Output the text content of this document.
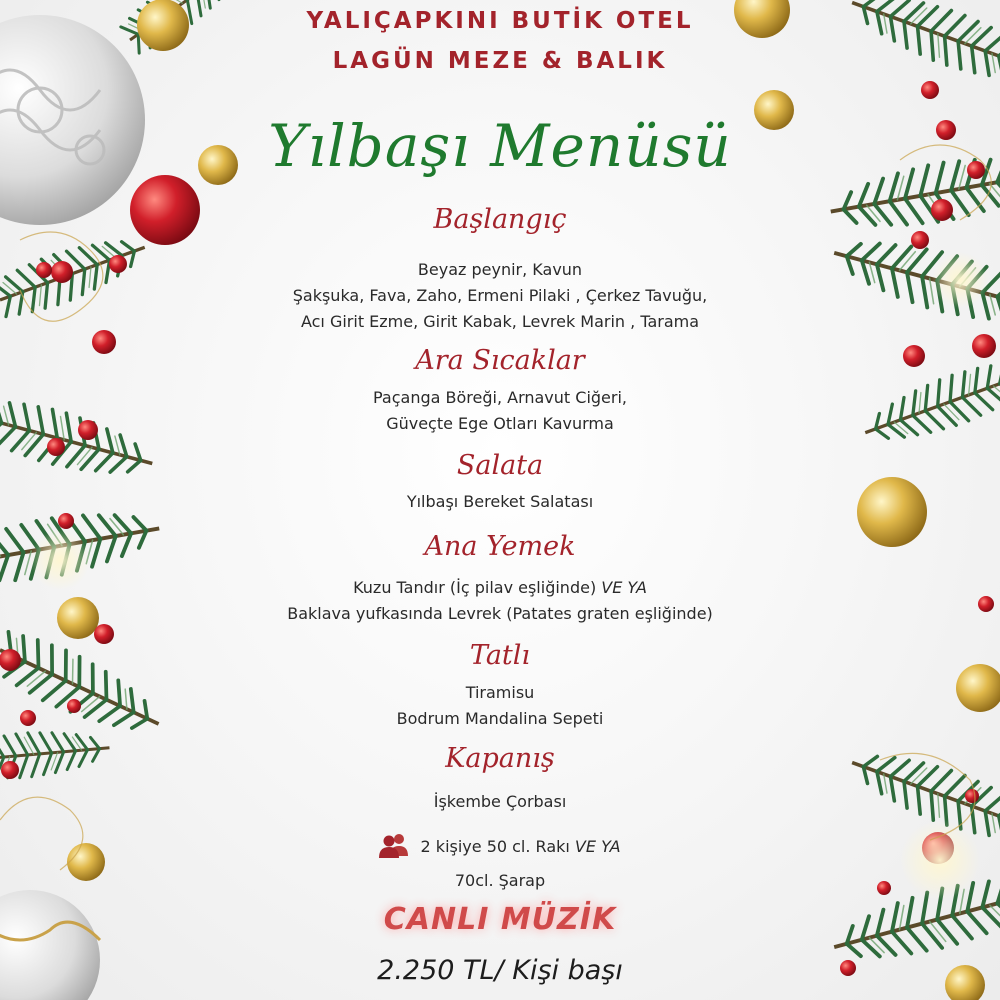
YALIÇAPKINI BUTİK OTEL
LAGÜN MEZE & BALIK
Yılbaşı Menüsü
Başlangıç
Beyaz peynir, Kavun
Şakşuka, Fava, Zaho, Ermeni Pilaki , Çerkez Tavuğu,
Acı Girit Ezme, Girit Kabak, Levrek Marin , Tarama
Ara Sıcaklar
Paçanga Böreği, Arnavut Ciğeri,
Güveçte Ege Otları Kavurma
Salata
Yılbaşı Bereket Salatası
Ana Yemek
Kuzu Tandır (İç pilav eşliğinde) VE YA
Baklava yufkasında Levrek (Patates graten eşliğinde)
Tatlı
Tiramisu
Bodrum Mandalina Sepeti
Kapanış
İşkembe Çorbası
2 kişiye 50 cl. Rakı VE YA
70cl. Şarap
CANLI MÜZİK
2.250 TL/ Kişi başı
